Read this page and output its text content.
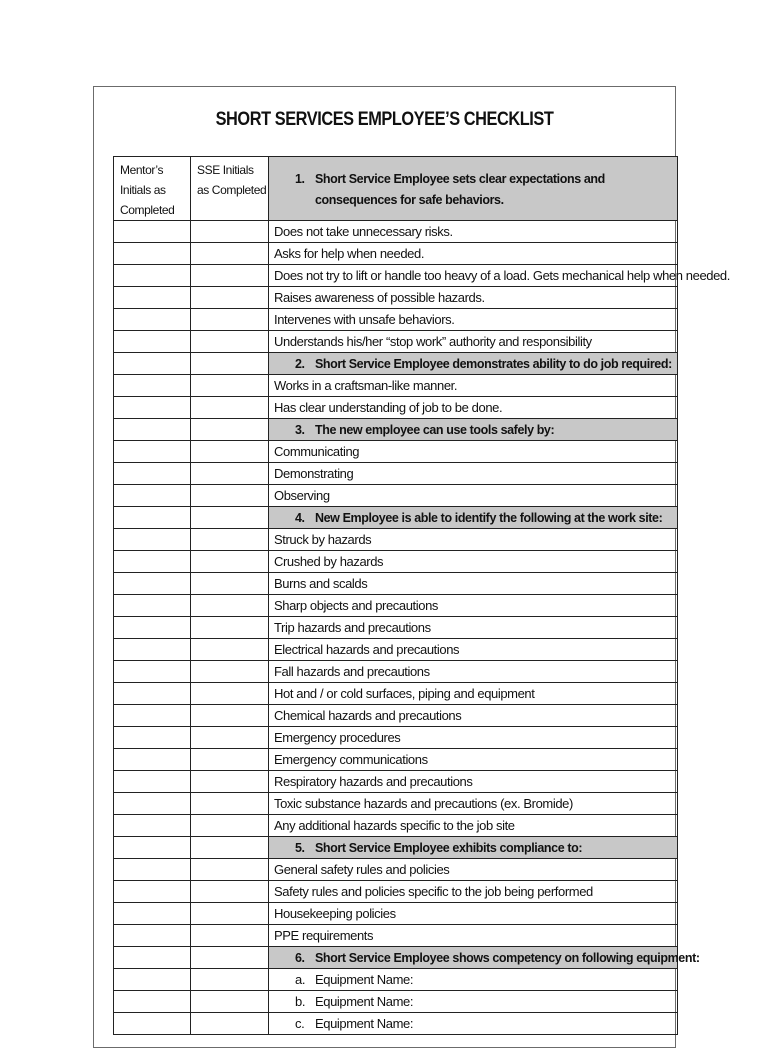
SHORT SERVICES EMPLOYEE’S CHECKLIST
Mentor’s Initials as Completed	SSE Initials as Completed	1. Short Service Employee sets clear expectations and consequences for safe behaviors.

		Does not take unnecessary risks.
		Asks for help when needed.
		Does not try to lift or handle too heavy of a load. Gets mechanical help when needed.
		Raises awareness of possible hazards.
		Intervenes with unsafe behaviors.
		Understands his/her “stop work” authority and responsibility

		2. Short Service Employee demonstrates ability to do job required:

		Works in a craftsman-like manner.
		Has clear understanding of job to be done.

		3. The new employee can use tools safely by:

		Communicating
		Demonstrating
		Observing

		4. New Employee is able to identify the following at the work site:

		Struck by hazards
		Crushed by hazards
		Burns and scalds
		Sharp objects and precautions
		Trip hazards and precautions
		Electrical hazards and precautions
		Fall hazards and precautions
		Hot and / or cold surfaces, piping and equipment
		Chemical hazards and precautions
		Emergency procedures
		Emergency communications
		Respiratory hazards and precautions
		Toxic substance hazards and precautions (ex. Bromide)
		Any additional hazards specific to the job site

		5. Short Service Employee exhibits compliance to:

		General safety rules and policies
		Safety rules and policies specific to the job being performed
		Housekeeping policies
		PPE requirements

		6. Short Service Employee shows competency on following equipment:

		a. Equipment Name:
		b. Equipment Name:
		c. Equipment Name:
